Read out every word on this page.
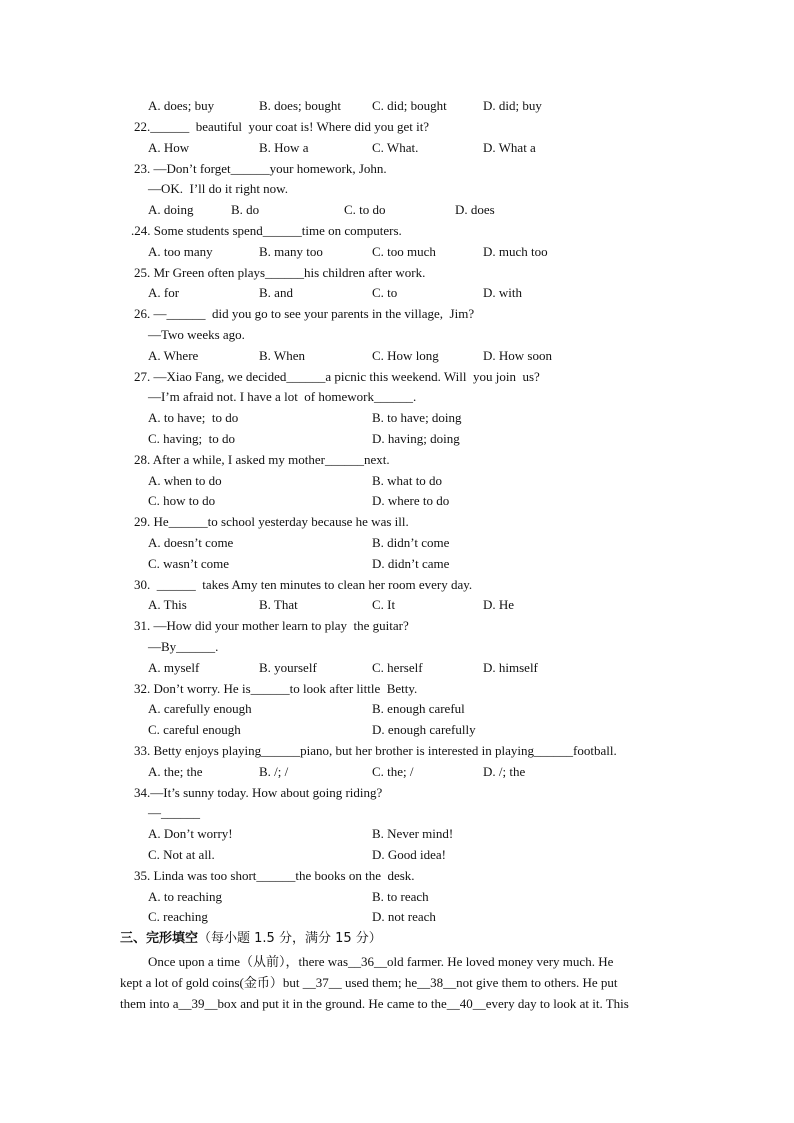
A. does; buy	B. does; bought C. did; bought	D. did; buy
22.______  beautiful  your coat is! Where did you get it?
A. How	B. How a	C. What.	D. What a
23. —Don’t forget______your homework, John.
—OK.  I’ll do it right now.
A. doing	B. do	C. to do	D. does
.24. Some students spend______time on computers.
A. too many	B. many too	C. too much	D. much too
25. Mr Green often plays______his children after work.
A. for	B. and	C. to	D. with
26. —______  did you go to see your parents in the village,  Jim?
—Two weeks ago.
A. Where	B. When	C. How long	D. How soon
27. —Xiao Fang, we decided______a picnic this weekend. Will  you join  us?
—I’m afraid not. I have a lot  of homework______.
A. to have;  to do	B. to have; doing
C. having;  to do	D. having; doing
28. After a while, I asked my mother______next.
A. when to do	B. what to do
C. how to do	D. where to do
29. He______to school yesterday because he was ill.
A. doesn’t come	B. didn’t come
C. wasn’t come	D. didn’t came
30.  ______  takes Amy ten minutes to clean her room every day.
A. This	B. That	C. It	D. He
31. —How did your mother learn to play  the guitar?
—By______.
A. myself	B. yourself	C. herself	D. himself
32. Don’t worry. He is______to look after little  Betty.
A. carefully enough	B. enough careful
C. careful enough	D. enough carefully
33. Betty enjoys playing______piano, but her brother is interested in playing______football.
A. the; the	B. /; /	C. the; /	D. /; the
34.—It’s sunny today. How about going riding?
—______
A. Don’t worry!	B. Never mind!
C. Not at all.	D. Good idea!
35. Linda was too short______the books on the  desk.
A. to reaching	B. to reach
C. reaching	D. not reach
三、完形填空（每小题 1.5 分，满分 15 分）
Once upon a time（从前），there was__36__old farmer. He loved money very much. He
kept a lot of gold coins(金币）but __37__ used them; he__38__not give them to others. He put
them into a__39__box and put it in the ground. He came to the__40__every day to look at it. This
